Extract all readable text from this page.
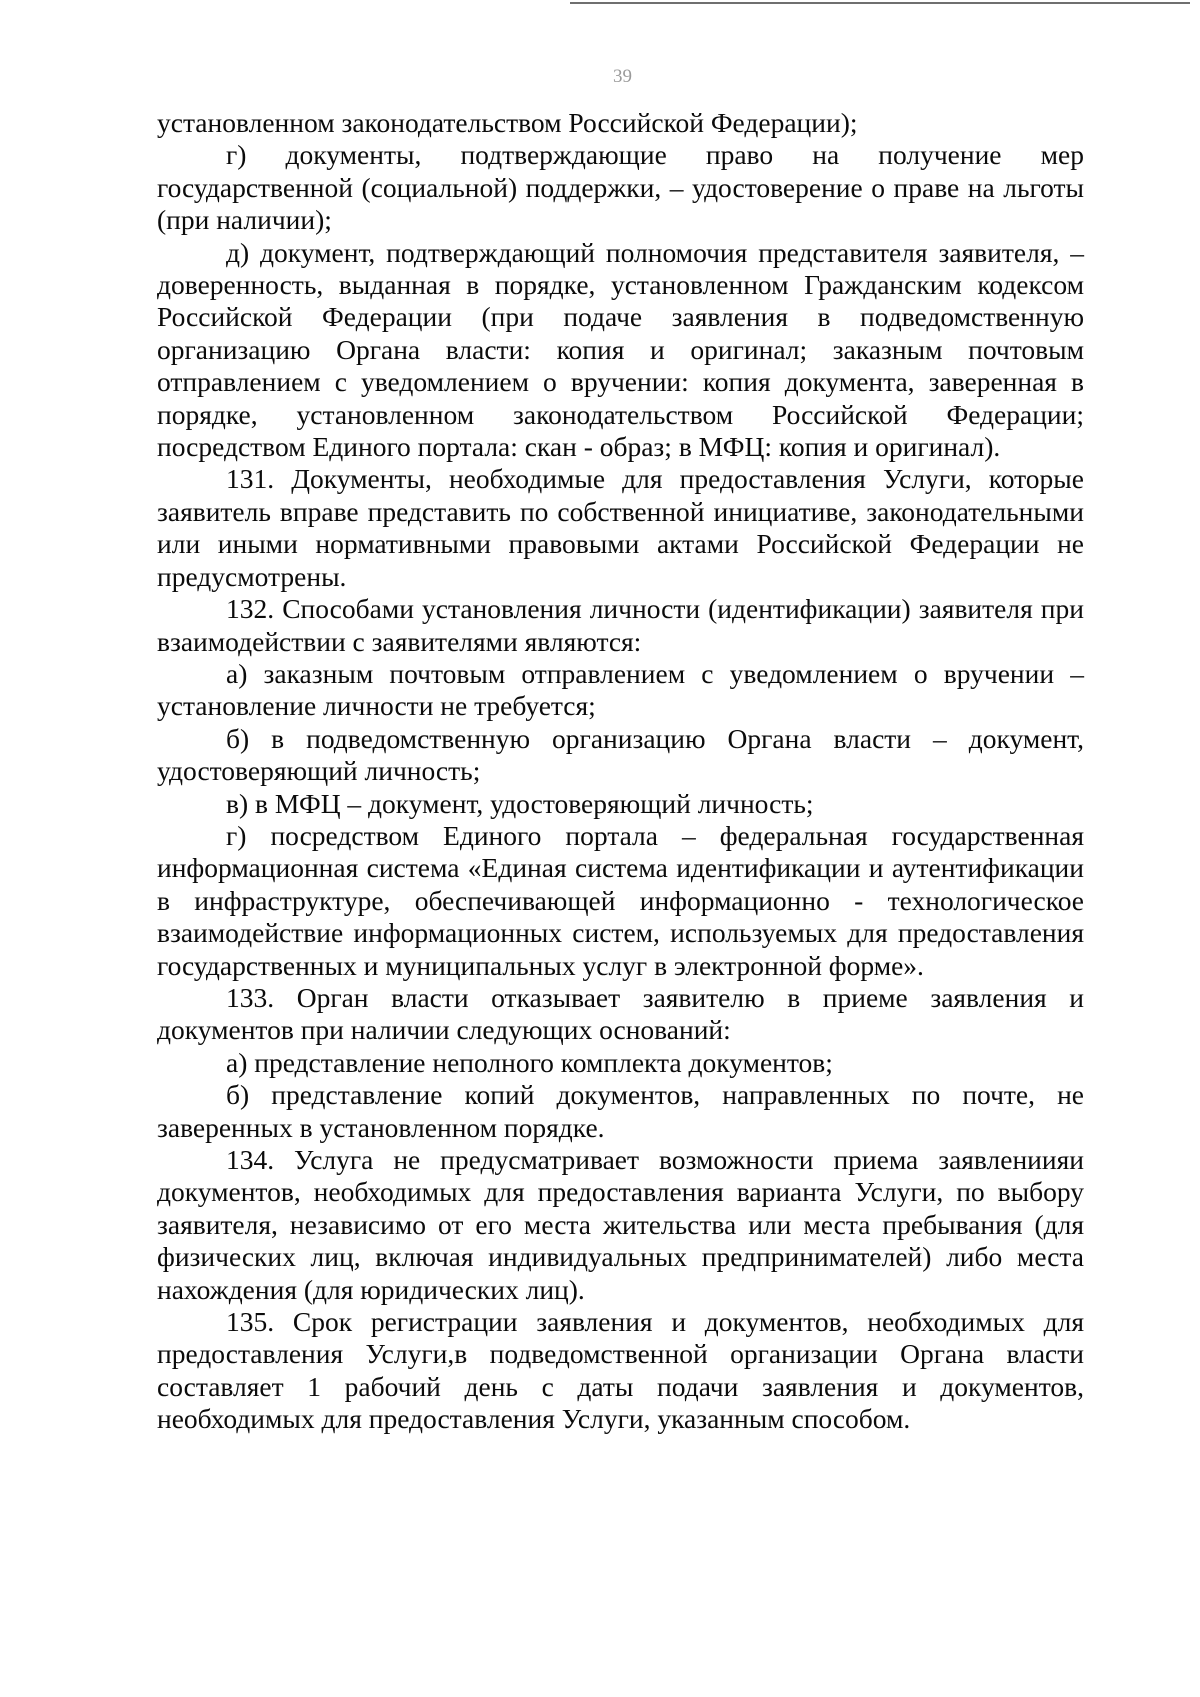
39

установленном законодательством Российской Федерации);

г) документы, подтверждающие право на получение мер государственной (социальной) поддержки, – удостоверение о праве на льготы (при наличии);

д) документ, подтверждающий полномочия представителя заявителя, – доверенность, выданная в порядке, установленном Гражданским кодексом Российской Федерации (при подаче заявления в подведомственную организацию Органа власти: копия и оригинал; заказным почтовым отправлением с уведомлением о вручении: копия документа, заверенная в порядке, установленном законодательством Российской Федерации; посредством Единого портала: скан - образ; в МФЦ: копия и оригинал).

131. Документы, необходимые для предоставления Услуги, которые заявитель вправе представить по собственной инициативе, законодательными или иными нормативными правовыми актами Российской Федерации не предусмотрены.

132. Способами установления личности (идентификации) заявителя при взаимодействии с заявителями являются:

а) заказным почтовым отправлением с уведомлением о вручении – установление личности не требуется;

б) в подведомственную организацию Органа власти – документ, удостоверяющий личность;

в) в МФЦ – документ, удостоверяющий личность;

г) посредством Единого портала – федеральная государственная информационная система «Единая система идентификации и аутентификации в инфраструктуре, обеспечивающей информационно - технологическое взаимодействие информационных систем, используемых для предоставления государственных и муниципальных услуг в электронной форме».

133. Орган власти отказывает заявителю в приеме заявления и документов при наличии следующих оснований:

а) представление неполного комплекта документов;

б) представление копий документов, направленных по почте, не заверенных в установленном порядке.

134. Услуга не предусматривает возможности приема заявлениияи документов, необходимых для предоставления варианта Услуги, по выбору заявителя, независимо от его места жительства или места пребывания (для физических лиц, включая индивидуальных предпринимателей) либо места нахождения (для юридических лиц).

135. Срок регистрации заявления и документов, необходимых для предоставления Услуги,в подведомственной организации Органа власти составляет 1 рабочий день с даты подачи заявления и документов, необходимых для предоставления Услуги, указанным способом.
